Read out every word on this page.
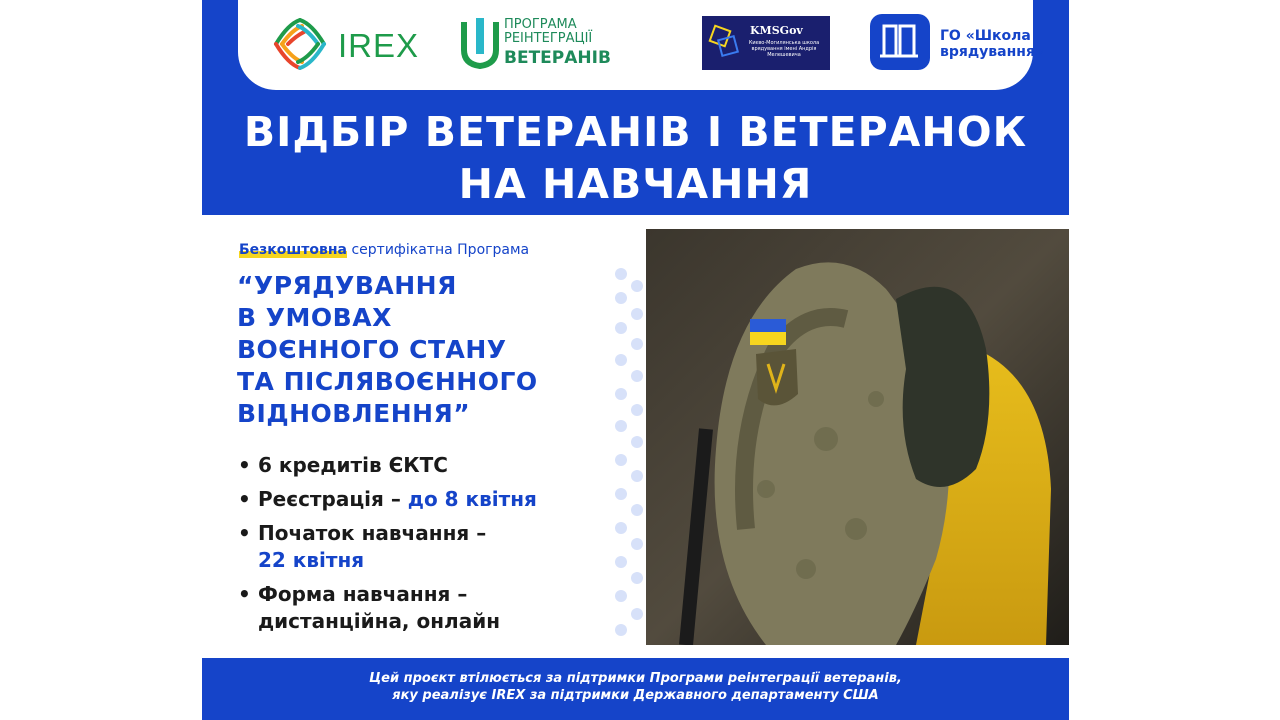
IREX
ПРОГРАМА
РЕІНТЕГРАЦІЇ
ВЕТЕРАНІВ
KMSGov
Києво-Могилянська школа врядування імені Андрія Мелешевича
ГО «Школа
врядування»
ВІДБІР ВЕТЕРАНІВ І ВЕТЕРАНОК
НА НАВЧАННЯ
Безкоштовна сертифікатна Програма
“УРЯДУВАННЯ
В УМОВАХ
ВОЄННОГО СТАНУ
ТА ПІСЛЯВОЄННОГО
ВІДНОВЛЕННЯ”
• 6 кредитів ЄКТС
• Реєстрація – до 8 квітня
• Початок навчання –
22 квітня
• Форма навчання –
дистанційна, онлайн
Цей проєкт втілюється за підтримки Програми реінтеграції ветеранів,
яку реалізує IREX за підтримки Державного департаменту США
